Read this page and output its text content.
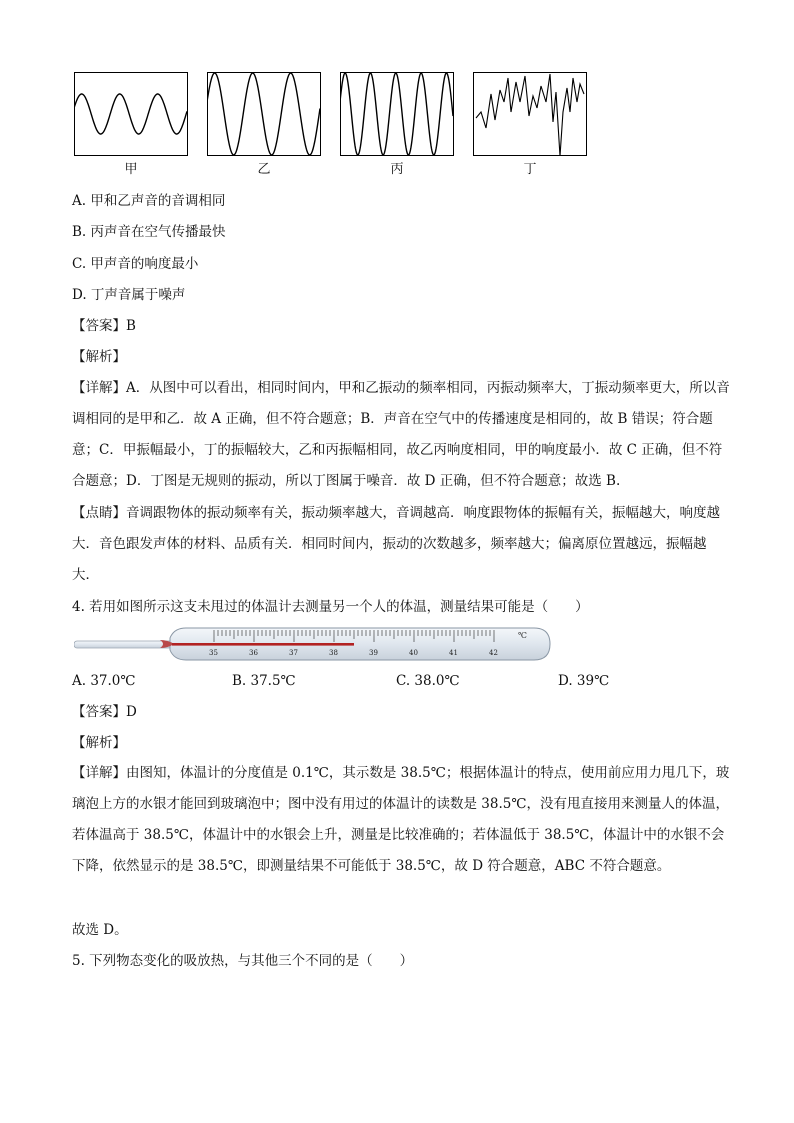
甲	乙	丙	丁
A. 甲和乙声音的音调相同
B. 丙声音在空气传播最快
C. 甲声音的响度最小
D. 丁声音属于噪声
【答案】B
【解析】
【详解】A．从图中可以看出，相同时间内，甲和乙振动的频率相同，丙振动频率大，丁振动频率更大，所以音调相同的是甲和乙．故 A 正确，但不符合题意；B．声音在空气中的传播速度是相同的，故 B 错误；符合题意；C．甲振幅最小，丁的振幅较大，乙和丙振幅相同，故乙丙响度相同，甲的响度最小．故 C 正确，但不符合题意；D．丁图是无规则的振动，所以丁图属于噪音．故 D 正确，但不符合题意；故选 B.
【点睛】音调跟物体的振动频率有关，振动频率越大，音调越高．响度跟物体的振幅有关，振幅越大，响度越大．音色跟发声体的材料、品质有关．相同时间内，振动的次数越多，频率越大；偏离原位置越远，振幅越大．
4. 若用如图所示这支未甩过的体温计去测量另一个人的体温，测量结果可能是（　　）
35	36	37	38	39	40	41	42
℃
A. 37.0℃	B. 37.5℃	C. 38.0℃	D. 39℃
【答案】D
【解析】
【详解】由图知，体温计的分度值是 0.1℃，其示数是 38.5℃；根据体温计的特点，使用前应用力甩几下，玻璃泡上方的水银才能回到玻璃泡中；图中没有用过的体温计的读数是 38.5℃，没有甩直接用来测量人的体温，若体温高于 38.5℃，体温计中的水银会上升，测量是比较准确的；若体温低于 38.5℃，体温计中的水银不会下降，依然显示的是 38.5℃，即测量结果不可能低于 38.5℃，故 D 符合题意，ABC 不符合题意。
故选 D。
5. 下列物态变化的吸放热，与其他三个不同的是（　　）
